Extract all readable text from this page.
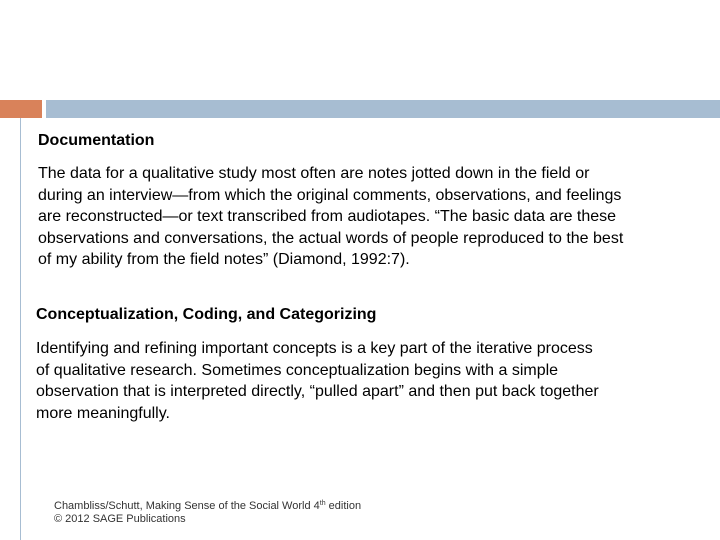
Documentation
The data for a qualitative study most often are notes jotted down in the field or
during an interview—from which the original comments, observations, and feelings
are reconstructed—or text transcribed from audiotapes. “The basic data are these
observations and conversations, the actual words of people reproduced to the best
of my ability from the field notes” (Diamond, 1992:7).
Conceptualization, Coding, and Categorizing
Identifying and refining important concepts is a key part of the iterative process
of qualitative research. Sometimes conceptualization begins with a simple
observation that is interpreted directly, “pulled apart” and then put back together
more meaningfully.
Chambliss/Schutt, Making Sense of the Social World 4th edition
© 2012 SAGE Publications
